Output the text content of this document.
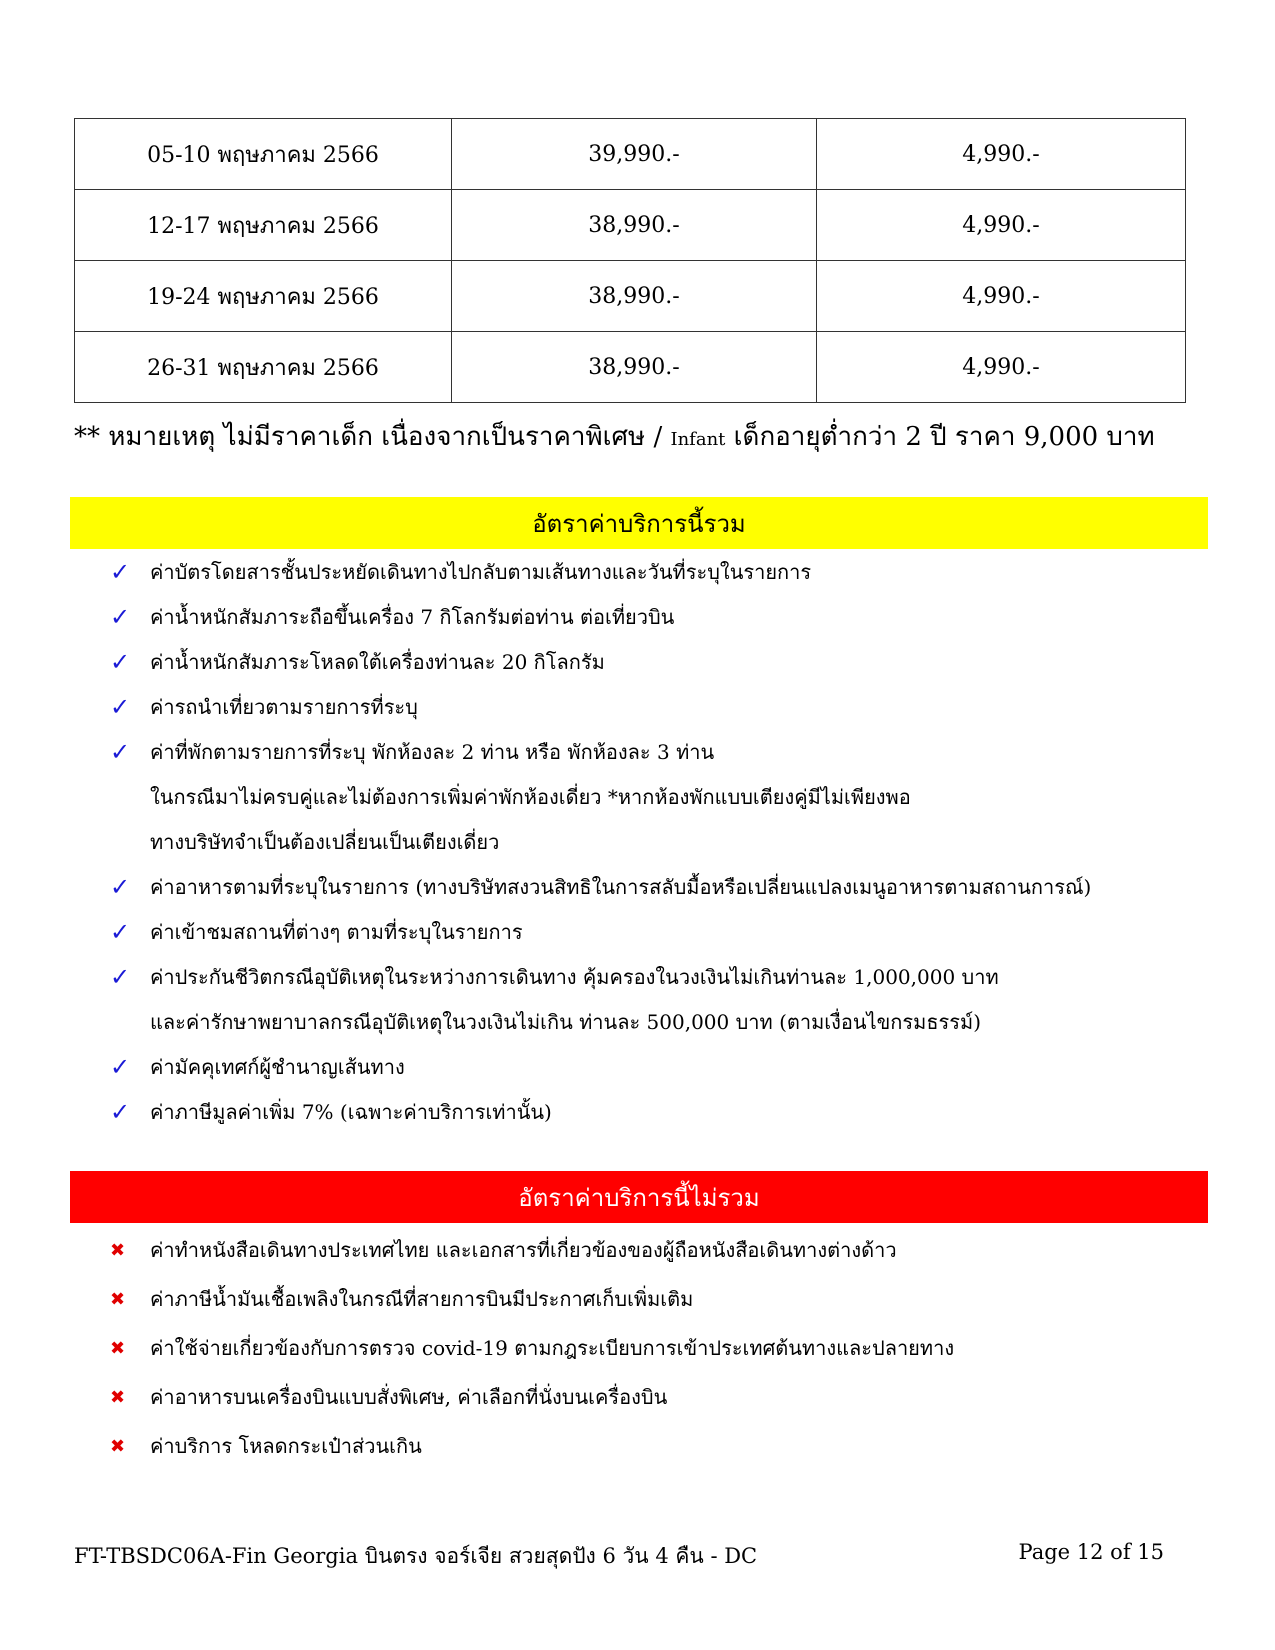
05-10 พฤษภาคม 2566	39,990.-	4,990.-
12-17 พฤษภาคม 2566	38,990.-	4,990.-
19-24 พฤษภาคม 2566	38,990.-	4,990.-
26-31 พฤษภาคม 2566	38,990.-	4,990.-
** หมายเหตุ ไม่มีราคาเด็ก เนื่องจากเป็นราคาพิเศษ / Infant เด็กอายุต่ำกว่า 2 ปี ราคา 9,000 บาท
อัตราค่าบริการนี้รวม
✓ ค่าบัตรโดยสารชั้นประหยัดเดินทางไปกลับตามเส้นทางและวันที่ระบุในรายการ
✓ ค่าน้ำหนักสัมภาระถือขึ้นเครื่อง 7 กิโลกรัมต่อท่าน ต่อเที่ยวบิน
✓ ค่าน้ำหนักสัมภาระโหลดใต้เครื่องท่านละ 20 กิโลกรัม
✓ ค่ารถนำเที่ยวตามรายการที่ระบุ
✓ ค่าที่พักตามรายการที่ระบุ พักห้องละ 2 ท่าน หรือ พักห้องละ 3 ท่าน
ในกรณีมาไม่ครบคู่และไม่ต้องการเพิ่มค่าพักห้องเดี่ยว *หากห้องพักแบบเตียงคู่มีไม่เพียงพอ
ทางบริษัทจำเป็นต้องเปลี่ยนเป็นเตียงเดี่ยว
✓ ค่าอาหารตามที่ระบุในรายการ (ทางบริษัทสงวนสิทธิในการสลับมื้อหรือเปลี่ยนแปลงเมนูอาหารตามสถานการณ์)
✓ ค่าเข้าชมสถานที่ต่างๆ ตามที่ระบุในรายการ
✓ ค่าประกันชีวิตกรณีอุบัติเหตุในระหว่างการเดินทาง คุ้มครองในวงเงินไม่เกินท่านละ 1,000,000 บาท
และค่ารักษาพยาบาลกรณีอุบัติเหตุในวงเงินไม่เกิน ท่านละ 500,000 บาท (ตามเงื่อนไขกรมธรรม์)
✓ ค่ามัคคุเทศก์ผู้ชำนาญเส้นทาง
✓ ค่าภาษีมูลค่าเพิ่ม 7% (เฉพาะค่าบริการเท่านั้น)
อัตราค่าบริการนี้ไม่รวม
✖	ค่าทำหนังสือเดินทางประเทศไทย และเอกสารที่เกี่ยวข้องของผู้ถือหนังสือเดินทางต่างด้าว
✖	ค่าภาษีน้ำมันเชื้อเพลิงในกรณีที่สายการบินมีประกาศเก็บเพิ่มเติม
✖	ค่าใช้จ่ายเกี่ยวข้องกับการตรวจ covid-19 ตามกฎระเบียบการเข้าประเทศต้นทางและปลายทาง
✖	ค่าอาหารบนเครื่องบินแบบสั่งพิเศษ, ค่าเลือกที่นั่งบนเครื่องบิน
✖	ค่าบริการ โหลดกระเป๋าส่วนเกิน
FT-TBSDC06A-Fin Georgia บินตรง จอร์เจีย สวยสุดปัง 6 วัน 4 คืน - DC	Page 12 of 15
